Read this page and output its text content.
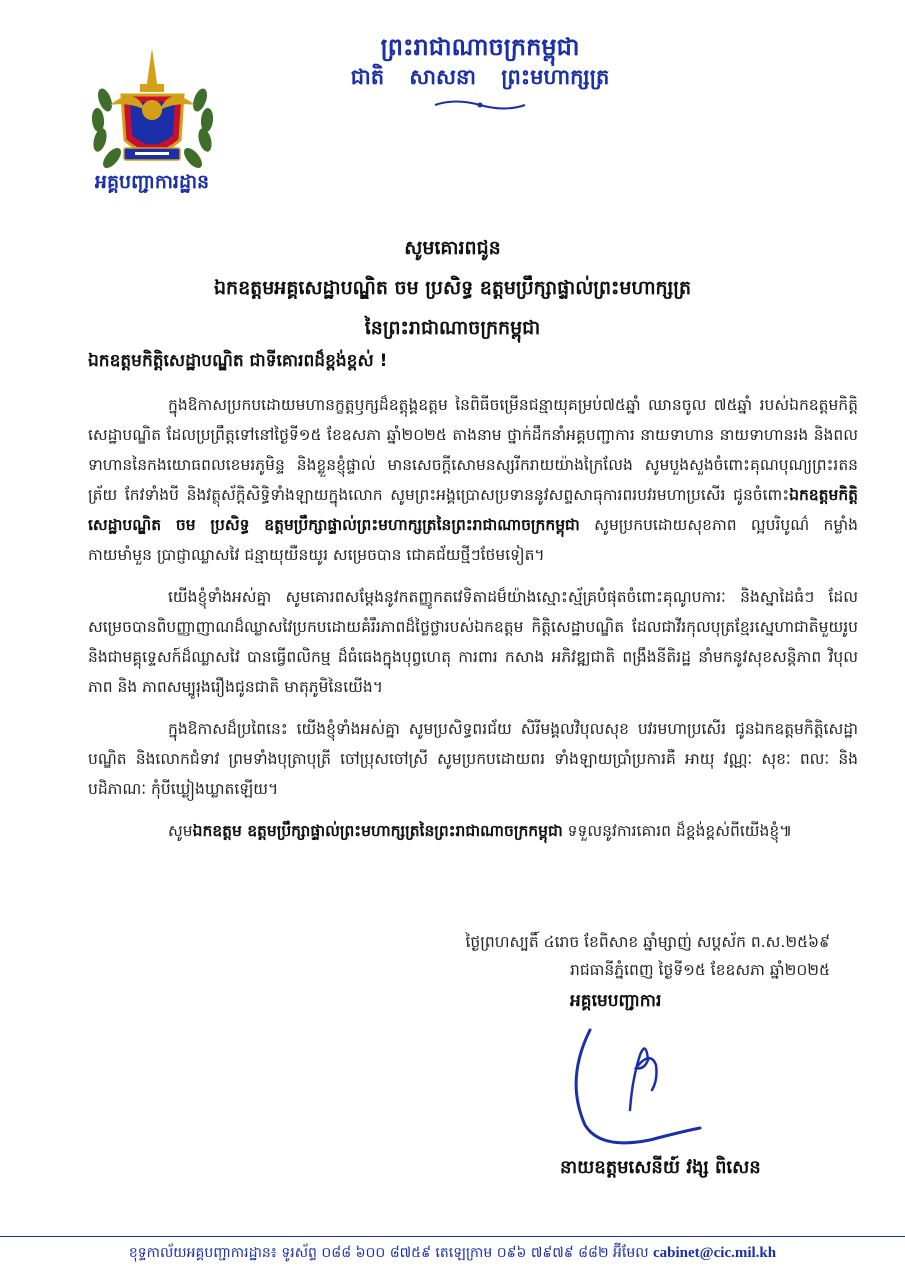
អគ្គបញ្ជាការដ្ឋាន
ព្រះរាជាណាចក្រកម្ពុជា
ជាតិ សាសនា ព្រះមហាក្សត្រ
សូមគោរពជូន
ឯកឧត្តមអគ្គសេដ្ឋាបណ្ឌិត ចម ប្រសិទ្ធ ឧត្តមប្រឹក្សាផ្ទាល់ព្រះមហាក្សត្រ
នៃព្រះរាជាណាចក្រកម្ពុជា
ឯកឧត្តមកិត្តិសេដ្ឋាបណ្ឌិត ជាទីគោរពដ៏ខ្ពង់ខ្ពស់ !

ក្នុងឱកាសប្រកបដោយមហានក្ខត្តឫក្សដ៏ឧត្តុង្គឧត្តម នៃពិធីចម្រើនជន្មាយុគម្រប់៧៥ឆ្នាំ ឈានចូល ៧៥ឆ្នាំ របស់ឯកឧត្តមកិត្តិសេដ្ឋាបណ្ឌិត ដែលប្រព្រឹត្តទៅនៅថ្ងៃទី១៥ ខែឧសភា ឆ្នាំ២០២៥ តាងនាម ថ្នាក់ដឹកនាំអគ្គបញ្ជាការ នាយទាហាន នាយទាហានរង និងពលទាហាននៃកងយោធពលខេមរភូមិន្ទ និងខ្លួនខ្ញុំផ្ទាល់ មានសេចក្តីសោមនស្សរីករាយយ៉ាងក្រៃលែង សូមបួងសួងចំពោះគុណបុណ្យព្រះរតនត្រ័យ កែវទាំងបី និងវត្ថុស័ក្តិសិទ្ធិទាំងឡាយក្នុងលោក សូមព្រះអង្គប្រោសប្រទាននូវសព្ទសាធុការពរបវរមហាប្រសើរ ជូនចំពោះឯកឧត្តមកិត្តិសេដ្ឋាបណ្ឌិត ចម ប្រសិទ្ធ ឧត្តមប្រឹក្សាផ្ទាល់ព្រះមហាក្សត្រនៃព្រះរាជាណាចក្រកម្ពុជា សូមប្រកបដោយសុខភាព ល្អបរិបូណ៌ កម្លាំងកាយមាំមួន ប្រាជ្ញាឈ្លាសវៃ ជន្មាយុយឺនយូរ សម្រេចបាន ជោគជ័យថ្មីៗថែមទៀត។

យើងខ្ញុំទាំងអស់គ្នា សូមគោរពសម្តែងនូវកតញ្ញូកតវេទិតាដម៏យ៉ាងស្មោះស្ម័គ្របំផុតចំពោះគុណូបការៈ និងស្នាដៃធំៗ ដែលសម្រេចបានពិបញ្ញាញាណដ៏ឈ្លាសវៃប្រកបដោយគំរឹរភាពដ៏ថ្លៃថ្លារបស់ឯកឧត្តម កិត្តិសេដ្ឋាបណ្ឌិត ដែលជាវីរកុលបុត្រខ្មែរស្នេហាជាតិមួយរូប និងជាមគ្គុទ្ទេសក៍ដ៏ឈ្លាសវៃ បានធ្វើពលិកម្ម ដ៏ធំធេងក្នុងបុព្វហេតុ ការពារ កសាង អភិវឌ្ឍជាតិ ពង្រឹងនីតិរដ្ឋ នាំមកនូវសុខសន្តិភាព វិបុលភាព និង ភាពសម្បូរុងរឿងជូនជាតិ មាតុភូមិនៃយើង។

ក្នុងឱកាសដ៏ប្រពៃនេះ យើងខ្ញុំទាំងអស់គ្នា សូមប្រសិទ្ធពរជ័យ សិរីមង្គលវិបុលសុខ បវរមហាប្រសើរ ជូនឯកឧត្តមកិត្តិសេដ្ឋាបណ្ឌិត និងលោកជំទាវ ព្រមទាំងបុត្រាបុត្រី ចៅប្រុសចៅស្រី សូមប្រកបដោយពរ ទាំងឡាយប្រាំប្រការគឺ អាយុ វណ្ណៈ សុខៈ ពលៈ និងបដិភាណៈ កុំបីឃ្លៀងឃ្លាតឡើយ។

សូមឯកឧត្តម ឧត្តមប្រឹក្សាផ្ទាល់ព្រះមហាក្សត្រនៃព្រះរាជាណាចក្រកម្ពុជា ទទួលនូវការគោរព ដ៏ខ្ពង់ខ្ពស់ពីយើងខ្ញុំ៕

ថ្ងៃព្រហស្បតិ៍ ៤រោច ខែពិសាខ ឆ្នាំម្សាញ់ សប្តស័ក ព.ស.២៥៦៩
រាជធានីភ្នំពេញ ថ្ងៃទី១៥ ខែឧសភា ឆ្នាំ២០២៥
អគ្គមេបញ្ជាការ
នាយឧត្តមសេនីយ៍ វង្ស ពិសេន
ខុទ្ទកាល័យអគ្គបញ្ជាការដ្ឋាន៖ ទូរស័ព្ទ ០៨៨ ៦០០ ៨៧៥៩ តេឡេក្រាម ០៩៦ ៧៩៧៩ ៨៨២ អ៊ីមែល cabinet@cic.mil.kh
